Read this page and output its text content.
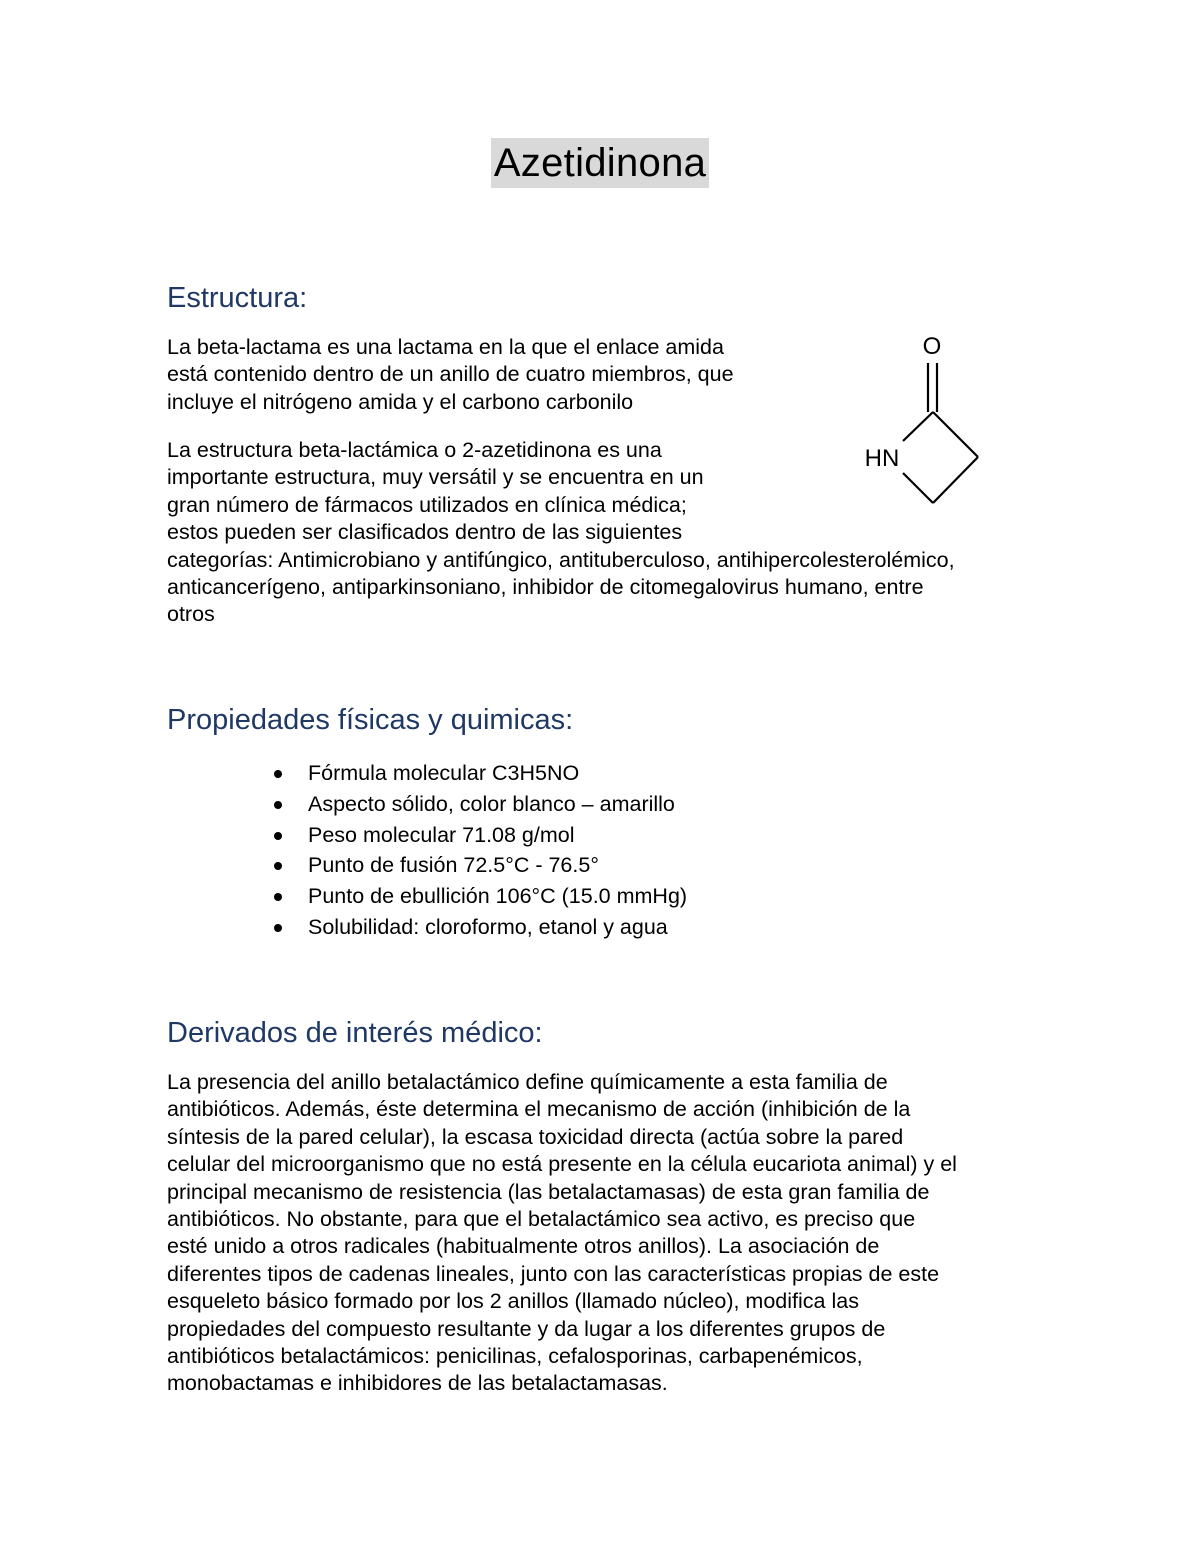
Azetidinona
Estructura:

La beta-lactama es una lactama en la que el enlace amida
está contenido dentro de un anillo de cuatro miembros, que
incluye el nitrógeno amida y el carbono carbonilo

La estructura beta-lactámica o 2-azetidinona es una
importante estructura, muy versátil y se encuentra en un
gran número de fármacos utilizados en clínica médica;
estos pueden ser clasificados dentro de las siguientes
categorías: Antimicrobiano y antifúngico, antituberculoso, antihipercolesterolémico,
anticancerígeno, antiparkinsoniano, inhibidor de citomegalovirus humano, entre
otros

O
HN
Propiedades físicas y quimicas:
Fórmula molecular C3H5NO
Aspecto sólido, color blanco – amarillo
Peso molecular 71.08 g/mol
Punto de fusión 72.5°C - 76.5°
Punto de ebullición 106°C (15.0 mmHg)
Solubilidad: cloroformo, etanol y agua
Derivados de interés médico:

La presencia del anillo betalactámico define químicamente a esta familia de
antibióticos. Además, éste determina el mecanismo de acción (inhibición de la
síntesis de la pared celular), la escasa toxicidad directa (actúa sobre la pared
celular del microorganismo que no está presente en la célula eucariota animal) y el
principal mecanismo de resistencia (las betalactamasas) de esta gran familia de
antibióticos. No obstante, para que el betalactámico sea activo, es preciso que
esté unido a otros radicales (habitualmente otros anillos). La asociación de
diferentes tipos de cadenas lineales, junto con las características propias de este
esqueleto básico formado por los 2 anillos (llamado núcleo), modifica las
propiedades del compuesto resultante y da lugar a los diferentes grupos de
antibióticos betalactámicos: penicilinas, cefalosporinas, carbapenémicos,
monobactamas e inhibidores de las betalactamasas.
